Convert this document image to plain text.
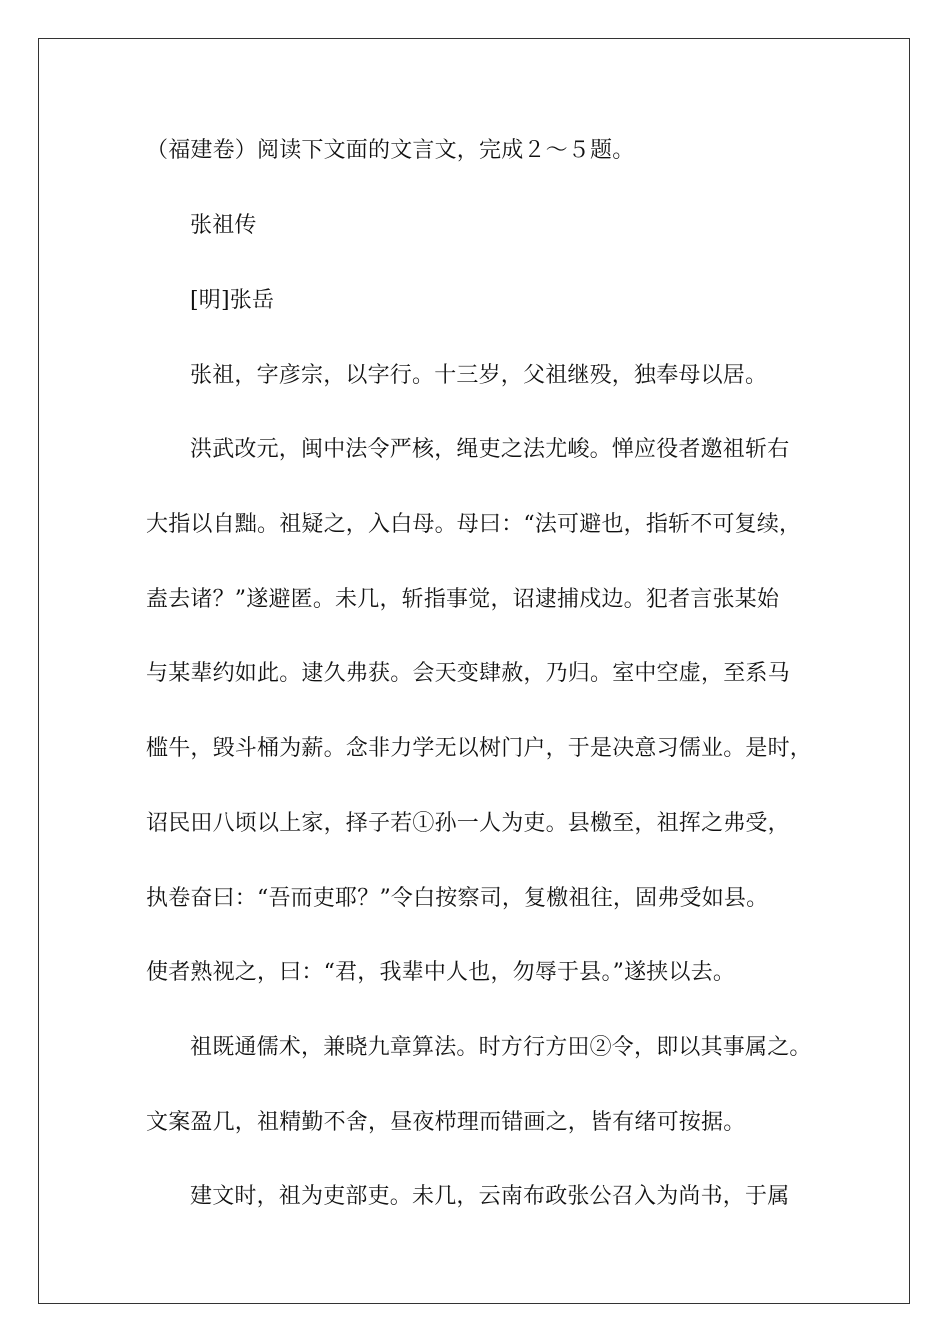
（福建卷）阅读下文面的文言文，完成２～５题。
张祖传
[明]张岳
张祖，字彦宗，以字行。十三岁，父祖继殁，独奉母以居。
洪武改元，闽中法令严核，绳吏之法尤峻。惮应役者邀祖斩右
大指以自黜。祖疑之，入白母。母曰：“法可避也，指斩不可复续，
盍去诸？”遂避匿。未几，斩指事觉，诏逮捕戍边。犯者言张某始
与某辈约如此。逮久弗获。会天变肆赦，乃归。室中空虚，至系马
槛牛，毁斗桶为薪。念非力学无以树门户，于是决意习儒业。是时，
诏民田八顷以上家，择子若①孙一人为吏。县檄至，祖挥之弗受，
执卷奋曰：“吾而吏耶？”令白按察司，复檄祖往，固弗受如县。
使者熟视之，曰：“君，我辈中人也，勿辱于县。”遂挟以去。
祖既通儒术，兼晓九章算法。时方行方田②令，即以其事属之。
文案盈几，祖精勤不舍，昼夜栉理而错画之，皆有绪可按据。
建文时，祖为吏部吏。未几，云南布政张公召入为尚书，于属
